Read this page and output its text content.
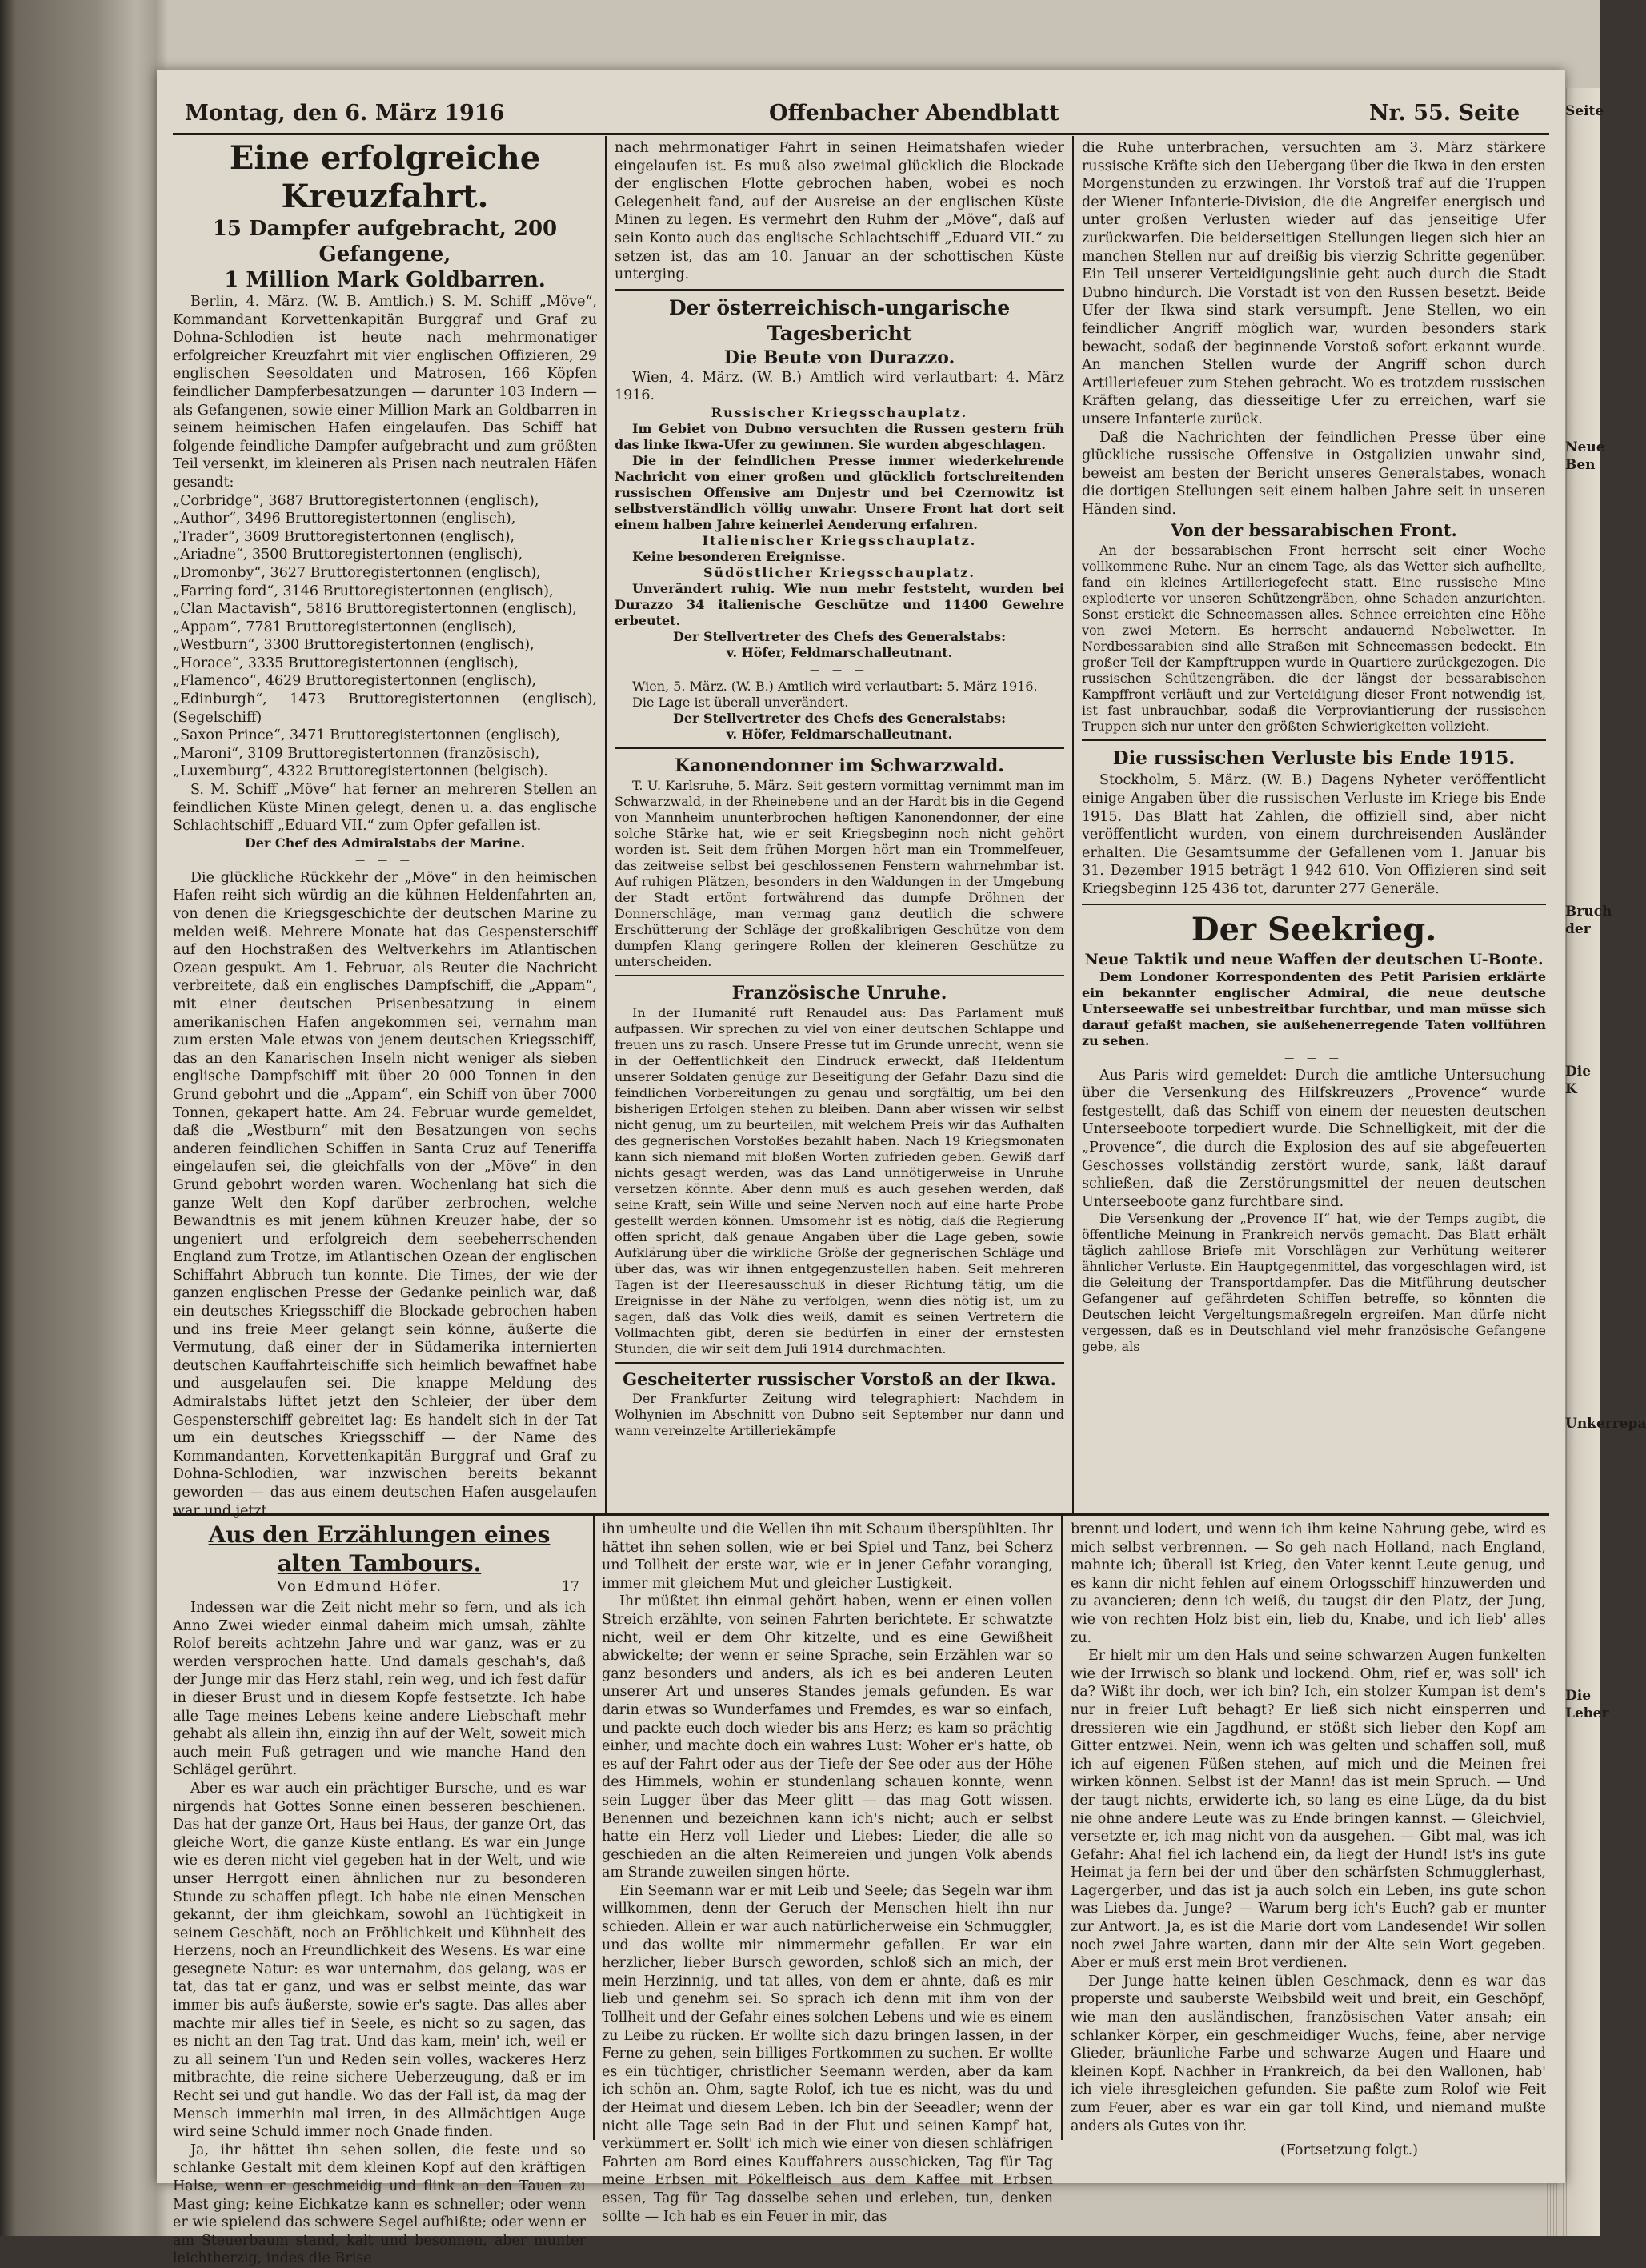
Montag, den 6. März 1916	Offenbacher Abendblatt	Nr. 55. Seite
Eine erfolgreiche Kreuzfahrt.
15 Dampfer aufgebracht, 200 Gefangene,
1 Million Mark Goldbarren.

Berlin, 4. März. (W. B. Amtlich.) S. M. Schiff „Möve“, Kommandant Korvettenkapitän Burggraf und Graf zu Dohna-Schlodien ist heute nach mehrmonatiger erfolgreicher Kreuzfahrt mit vier englischen Offizieren, 29 englischen Seesoldaten und Matrosen, 166 Köpfen feindlicher Dampferbesatzungen — darunter 103 Indern — als Gefangenen, sowie einer Million Mark an Goldbarren in seinem heimischen Hafen eingelaufen. Das Schiff hat folgende feindliche Dampfer aufgebracht und zum größten Teil versenkt, im kleineren als Prisen nach neutralen Häfen gesandt:

„Corbridge“, 3687 Bruttoregistertonnen (englisch),

„Author“, 3496 Bruttoregistertonnen (englisch),

„Trader“, 3609 Bruttoregistertonnen (englisch),

„Ariadne“, 3500 Bruttoregistertonnen (englisch),

„Dromonby“, 3627 Bruttoregistertonnen (englisch),

„Farring ford“, 3146 Bruttoregistertonnen (englisch),

„Clan Mactavish“, 5816 Bruttoregistertonnen (englisch),

„Appam“, 7781 Bruttoregistertonnen (englisch),

„Westburn“, 3300 Bruttoregistertonnen (englisch),

„Horace“, 3335 Bruttoregistertonnen (englisch),

„Flamenco“, 4629 Bruttoregistertonnen (englisch),

„Edinburgh“, 1473 Bruttoregistertonnen (englisch), (Segelschiff)

„Saxon Prince“, 3471 Bruttoregistertonnen (englisch),

„Maroni“, 3109 Bruttoregistertonnen (französisch),

„Luxemburg“, 4322 Bruttoregistertonnen (belgisch).

S. M. Schiff „Möve“ hat ferner an mehreren Stellen an feindlichen Küste Minen gelegt, denen u. a. das englische Schlachtschiff „Eduard VII.“ zum Opfer gefallen ist.

Der Chef des Admiralstabs der Marine.

— — —

Die glückliche Rückkehr der „Möve“ in den heimischen Hafen reiht sich würdig an die kühnen Heldenfahrten an, von denen die Kriegsgeschichte der deutschen Marine zu melden weiß. Mehrere Monate hat das Gespensterschiff auf den Hochstraßen des Weltverkehrs im Atlantischen Ozean gespukt. Am 1. Februar, als Reuter die Nachricht verbreitete, daß ein englisches Dampfschiff, die „Appam“, mit einer deutschen Prisenbesatzung in einem amerikanischen Hafen angekommen sei, vernahm man zum ersten Male etwas von jenem deutschen Kriegsschiff, das an den Kanarischen Inseln nicht weniger als sieben englische Dampfschiff mit über 20 000 Tonnen in den Grund gebohrt und die „Appam“, ein Schiff von über 7000 Tonnen, gekapert hatte. Am 24. Februar wurde gemeldet, daß die „Westburn“ mit den Besatzungen von sechs anderen feindlichen Schiffen in Santa Cruz auf Teneriffa eingelaufen sei, die gleichfalls von der „Möve“ in den Grund gebohrt worden waren. Wochenlang hat sich die ganze Welt den Kopf darüber zerbrochen, welche Bewandtnis es mit jenem kühnen Kreuzer habe, der so ungeniert und erfolgreich dem seebeherrschenden England zum Trotze, im Atlantischen Ozean der englischen Schiffahrt Abbruch tun konnte. Die Times, der wie der ganzen englischen Presse der Gedanke peinlich war, daß ein deutsches Kriegsschiff die Blockade gebrochen haben und ins freie Meer gelangt sein könne, äußerte die Vermutung, daß einer der in Südamerika internierten deutschen Kauffahrteischiffe sich heimlich bewaffnet habe und ausgelaufen sei. Die knappe Meldung des Admiralstabs lüftet jetzt den Schleier, der über dem Gespensterschiff gebreitet lag: Es handelt sich in der Tat um ein deutsches Kriegsschiff — der Name des Kommandanten, Korvettenkapitän Burggraf und Graf zu Dohna-Schlodien, war inzwischen bereits bekannt geworden — das aus einem deutschen Hafen ausgelaufen war und jetzt

nach mehrmonatiger Fahrt in seinen Heimatshafen wieder eingelaufen ist. Es muß also zweimal glücklich die Blockade der englischen Flotte gebrochen haben, wobei es noch Gelegenheit fand, auf der Ausreise an der englischen Küste Minen zu legen. Es vermehrt den Ruhm der „Möve“, daß auf sein Konto auch das englische Schlachtschiff „Eduard VII.“ zu setzen ist, das am 10. Januar an der schottischen Küste unterging.

Der österreichisch-ungarische Tagesbericht
Die Beute von Durazzo.

Wien, 4. März. (W. B.) Amtlich wird verlautbart: 4. März 1916.

Russischer Kriegsschauplatz.

Im Gebiet von Dubno versuchten die Russen gestern früh das linke Ikwa-Ufer zu gewinnen. Sie wurden abgeschlagen.

Die in der feindlichen Presse immer wiederkehrende Nachricht von einer großen und glücklich fortschreitenden russischen Offensive am Dnjestr und bei Czernowitz ist selbstverständlich völlig unwahr. Unsere Front hat dort seit einem halben Jahre keinerlei Aenderung erfahren.

Italienischer Kriegsschauplatz.

Keine besonderen Ereignisse.

Südöstlicher Kriegsschauplatz.

Unverändert ruhig. Wie nun mehr feststeht, wurden bei Durazzo 34 italienische Geschütze und 11400 Gewehre erbeutet.

Der Stellvertreter des Chefs des Generalstabs:

v. Höfer, Feldmarschalleutnant.

— — —

Wien, 5. März. (W. B.) Amtlich wird verlautbart: 5. März 1916.

Die Lage ist überall unverändert.

Der Stellvertreter des Chefs des Generalstabs:

v. Höfer, Feldmarschalleutnant.

Kanonendonner im Schwarzwald.

T. U. Karlsruhe, 5. März. Seit gestern vormittag vernimmt man im Schwarzwald, in der Rheinebene und an der Hardt bis in die Gegend von Mannheim ununterbrochen heftigen Kanonendonner, der eine solche Stärke hat, wie er seit Kriegsbeginn noch nicht gehört worden ist. Seit dem frühen Morgen hört man ein Trommelfeuer, das zeitweise selbst bei geschlossenen Fenstern wahrnehmbar ist. Auf ruhigen Plätzen, besonders in den Waldungen in der Umgebung der Stadt ertönt fortwährend das dumpfe Dröhnen der Donnerschläge, man vermag ganz deutlich die schwere Erschütterung der Schläge der großkalibrigen Geschütze von dem dumpfen Klang geringere Rollen der kleineren Geschütze zu unterscheiden.

Französische Unruhe.

In der Humanité ruft Renaudel aus: Das Parlament muß aufpassen. Wir sprechen zu viel von einer deutschen Schlappe und freuen uns zu rasch. Unsere Presse tut im Grunde unrecht, wenn sie in der Oeffentlichkeit den Eindruck erweckt, daß Heldentum unserer Soldaten genüge zur Beseitigung der Gefahr. Dazu sind die feindlichen Vorbereitungen zu genau und sorgfältig, um bei den bisherigen Erfolgen stehen zu bleiben. Dann aber wissen wir selbst nicht genug, um zu beurteilen, mit welchem Preis wir das Aufhalten des gegnerischen Vorstoßes bezahlt haben. Nach 19 Kriegsmonaten kann sich niemand mit bloßen Worten zufrieden geben. Gewiß darf nichts gesagt werden, was das Land unnötigerweise in Unruhe versetzen könnte. Aber denn muß es auch gesehen werden, daß seine Kraft, sein Wille und seine Nerven noch auf eine harte Probe gestellt werden können. Umsomehr ist es nötig, daß die Regierung offen spricht, daß genaue Angaben über die Lage geben, sowie Aufklärung über die wirkliche Größe der gegnerischen Schläge und über das, was wir ihnen entgegenzustellen haben. Seit mehreren Tagen ist der Heeresausschuß in dieser Richtung tätig, um die Ereignisse in der Nähe zu verfolgen, wenn dies nötig ist, um zu sagen, daß das Volk dies weiß, damit es seinen Vertretern die Vollmachten gibt, deren sie bedürfen in einer der ernstesten Stunden, die wir seit dem Juli 1914 durchmachten.

Gescheiterter russischer Vorstoß an der Ikwa.

Der Frankfurter Zeitung wird telegraphiert: Nachdem in Wolhynien im Abschnitt von Dubno seit September nur dann und wann vereinzelte Artilleriekämpfe

die Ruhe unterbrachen, versuchten am 3. März stärkere russische Kräfte sich den Uebergang über die Ikwa in den ersten Morgenstunden zu erzwingen. Ihr Vorstoß traf auf die Truppen der Wiener Infanterie-Division, die die Angreifer energisch und unter großen Verlusten wieder auf das jenseitige Ufer zurückwarfen. Die beiderseitigen Stellungen liegen sich hier an manchen Stellen nur auf dreißig bis vierzig Schritte gegenüber. Ein Teil unserer Verteidigungslinie geht auch durch die Stadt Dubno hindurch. Die Vorstadt ist von den Russen besetzt. Beide Ufer der Ikwa sind stark versumpft. Jene Stellen, wo ein feindlicher Angriff möglich war, wurden besonders stark bewacht, sodaß der beginnende Vorstoß sofort erkannt wurde. An manchen Stellen wurde der Angriff schon durch Artilleriefeuer zum Stehen gebracht. Wo es trotzdem russischen Kräften gelang, das diesseitige Ufer zu erreichen, warf sie unsere Infanterie zurück.

Daß die Nachrichten der feindlichen Presse über eine glückliche russische Offensive in Ostgalizien unwahr sind, beweist am besten der Bericht unseres Generalstabes, wonach die dortigen Stellungen seit einem halben Jahre seit in unseren Händen sind.

Von der bessarabischen Front.

An der bessarabischen Front herrscht seit einer Woche vollkommene Ruhe. Nur an einem Tage, als das Wetter sich aufhellte, fand ein kleines Artilleriegefecht statt. Eine russische Mine explodierte vor unseren Schützengräben, ohne Schaden anzurichten. Sonst erstickt die Schneemassen alles. Schnee erreichten eine Höhe von zwei Metern. Es herrscht andauernd Nebelwetter. In Nordbessarabien sind alle Straßen mit Schneemassen bedeckt. Ein großer Teil der Kampftruppen wurde in Quartiere zurückgezogen. Die russischen Schützengräben, die der längst der bessarabischen Kampffront verläuft und zur Verteidigung dieser Front notwendig ist, ist fast unbrauchbar, sodaß die Verproviantierung der russischen Truppen sich nur unter den größten Schwierigkeiten vollzieht.

Die russischen Verluste bis Ende 1915.

Stockholm, 5. März. (W. B.) Dagens Nyheter veröffentlicht einige Angaben über die russischen Verluste im Kriege bis Ende 1915. Das Blatt hat Zahlen, die offiziell sind, aber nicht veröffentlicht wurden, von einem durchreisenden Ausländer erhalten. Die Gesamtsumme der Gefallenen vom 1. Januar bis 31. Dezember 1915 beträgt 1 942 610. Von Offizieren sind seit Kriegsbeginn 125 436 tot, darunter 277 Generäle.

Der Seekrieg.
Neue Taktik und neue Waffen der deutschen U-Boote.

Dem Londoner Korrespondenten des Petit Parisien erklärte ein bekannter englischer Admiral, die neue deutsche Unterseewaffe sei unbestreitbar furchtbar, und man müsse sich darauf gefaßt machen, sie außehenerregende Taten vollführen zu sehen.

— — —

Aus Paris wird gemeldet: Durch die amtliche Untersuchung über die Versenkung des Hilfskreuzers „Provence“ wurde festgestellt, daß das Schiff von einem der neuesten deutschen Unterseeboote torpediert wurde. Die Schnelligkeit, mit der die „Provence“, die durch die Explosion des auf sie abgefeuerten Geschosses vollständig zerstört wurde, sank, läßt darauf schließen, daß die Zerstörungsmittel der neuen deutschen Unterseeboote ganz furchtbare sind.

Die Versenkung der „Provence II“ hat, wie der Temps zugibt, die öffentliche Meinung in Frankreich nervös gemacht. Das Blatt erhält täglich zahllose Briefe mit Vorschlägen zur Verhütung weiterer ähnlicher Verluste. Ein Hauptgegenmittel, das vorgeschlagen wird, ist die Geleitung der Transportdampfer. Das die Mitführung deutscher Gefangener auf gefährdeten Schiffen betreffe, so könnten die Deutschen leicht Vergeltungsmaßregeln ergreifen. Man dürfe nicht vergessen, daß es in Deutschland viel mehr französische Gefangene gebe, als

Aus den Erzählungen eines alten Tambours.
Von Edmund Höfer.	17

Indessen war die Zeit nicht mehr so fern, und als ich Anno Zwei wieder einmal daheim mich umsah, zählte Rolof bereits achtzehn Jahre und war ganz, was er zu werden versprochen hatte. Und damals geschah's, daß der Junge mir das Herz stahl, rein weg, und ich fest dafür in dieser Brust und in diesem Kopfe festsetzte. Ich habe alle Tage meines Lebens keine andere Liebschaft mehr gehabt als allein ihn, einzig ihn auf der Welt, soweit mich auch mein Fuß getragen und wie manche Hand den Schlägel gerührt.

Aber es war auch ein prächtiger Bursche, und es war nirgends hat Gottes Sonne einen besseren beschienen. Das hat der ganze Ort, Haus bei Haus, der ganze Ort, das gleiche Wort, die ganze Küste entlang. Es war ein Junge wie es deren nicht viel gegeben hat in der Welt, und wie unser Herrgott einen ähnlichen nur zu besonderen Stunde zu schaffen pflegt. Ich habe nie einen Menschen gekannt, der ihm gleichkam, sowohl an Tüchtigkeit in seinem Geschäft, noch an Fröhlichkeit und Kühnheit des Herzens, noch an Freundlichkeit des Wesens. Es war eine gesegnete Natur: es war unternahm, das gelang, was er tat, das tat er ganz, und was er selbst meinte, das war immer bis aufs äußerste, sowie er's sagte. Das alles aber machte mir alles tief in Seele, es nicht so zu sagen, das es nicht an den Tag trat. Und das kam, mein' ich, weil er zu all seinem Tun und Reden sein volles, wackeres Herz mitbrachte, die reine sichere Ueberzeugung, daß er im Recht sei und gut handle. Wo das der Fall ist, da mag der Mensch immerhin mal irren, in des Allmächtigen Auge wird seine Schuld immer noch Gnade finden.

Ja, ihr hättet ihn sehen sollen, die feste und so schlanke Gestalt mit dem kleinen Kopf auf den kräftigen Halse, wenn er geschmeidig und flink an den Tauen zu Mast ging; keine Eichkatze kann es schneller; oder wenn er wie spielend das schwere Segel aufhißte; oder wenn er am Steuerbaum stand, kalt und besonnen, aber munter leichtherzig, indes die Brise

ihn umheulte und die Wellen ihn mit Schaum überspühlten. Ihr hättet ihn sehen sollen, wie er bei Spiel und Tanz, bei Scherz und Tollheit der erste war, wie er in jener Gefahr voranging, immer mit gleichem Mut und gleicher Lustigkeit.

Ihr müßtet ihn einmal gehört haben, wenn er einen vollen Streich erzählte, von seinen Fahrten berichtete. Er schwatzte nicht, weil er dem Ohr kitzelte, und es eine Gewißheit abwickelte; der wenn er seine Sprache, sein Erzählen war so ganz besonders und anders, als ich es bei anderen Leuten unserer Art und unseres Standes jemals gefunden. Es war darin etwas so Wunderfames und Fremdes, es war so einfach, und packte euch doch wieder bis ans Herz; es kam so prächtig einher, und machte doch ein wahres Lust: Woher er's hatte, ob es auf der Fahrt oder aus der Tiefe der See oder aus der Höhe des Himmels, wohin er stundenlang schauen konnte, wenn sein Lugger über das Meer glitt — das mag Gott wissen. Benennen und bezeichnen kann ich's nicht; auch er selbst hatte ein Herz voll Lieder und Liebes: Lieder, die alle so geschieden an die alten Reimereien und jungen Volk abends am Strande zuweilen singen hörte.

Ein Seemann war er mit Leib und Seele; das Segeln war ihm willkommen, denn der Geruch der Menschen hielt ihn nur schieden. Allein er war auch natürlicherweise ein Schmuggler, und das wollte mir nimmermehr gefallen. Er war ein herzlicher, lieber Bursch geworden, schloß sich an mich, der mein Herzinnig, und tat alles, von dem er ahnte, daß es mir lieb und genehm sei. So sprach ich denn mit ihm von der Tollheit und der Gefahr eines solchen Lebens und wie es einem zu Leibe zu rücken. Er wollte sich dazu bringen lassen, in der Ferne zu gehen, sein billiges Fortkommen zu suchen. Er wollte es ein tüchtiger, christlicher Seemann werden, aber da kam ich schön an. Ohm, sagte Rolof, ich tue es nicht, was du und der Heimat und diesem Leben. Ich bin der Seeadler; wenn der nicht alle Tage sein Bad in der Flut und seinen Kampf hat, verkümmert er. Sollt' ich mich wie einer von diesen schläfrigen Fahrten am Bord eines Kauffahrers ausschicken, Tag für Tag meine Erbsen mit Pökelfleisch aus dem Kaffee mit Erbsen essen, Tag für Tag dasselbe sehen und erleben, tun, denken sollte — Ich hab es ein Feuer in mir, das

brennt und lodert, und wenn ich ihm keine Nahrung gebe, wird es mich selbst verbrennen. — So geh nach Holland, nach England, mahnte ich; überall ist Krieg, den Vater kennt Leute genug, und es kann dir nicht fehlen auf einem Orlogsschiff hinzuwerden und zu avancieren; denn ich weiß, du taugst dir den Platz, der Jung, wie von rechten Holz bist ein, lieb du, Knabe, und ich lieb' alles zu.

Er hielt mir um den Hals und seine schwarzen Augen funkelten wie der Irrwisch so blank und lockend. Ohm, rief er, was soll' ich da? Wißt ihr doch, wer ich bin? Ich, ein stolzer Kumpan ist dem's nur in freier Luft behagt? Er ließ sich nicht einsperren und dressieren wie ein Jagdhund, er stößt sich lieber den Kopf am Gitter entzwei. Nein, wenn ich was gelten und schaffen soll, muß ich auf eigenen Füßen stehen, auf mich und die Meinen frei wirken können. Selbst ist der Mann! das ist mein Spruch. — Und der taugt nichts, erwiderte ich, so lang es eine Lüge, da du bist nie ohne andere Leute was zu Ende bringen kannst. — Gleichviel, versetzte er, ich mag nicht von da ausgehen. — Gibt mal, was ich Gefahr: Aha! fiel ich lachend ein, da liegt der Hund! Ist's ins gute Heimat ja fern bei der und über den schärfsten Schmugglerhast, Lagergerber, und das ist ja auch solch ein Leben, ins gute schon was Liebes da. Junge? — Warum berg ich's Euch? gab er munter zur Antwort. Ja, es ist die Marie dort vom Landesende! Wir sollen noch zwei Jahre warten, dann mir der Alte sein Wort gegeben. Aber er muß erst mein Brot verdienen.

Der Junge hatte keinen üblen Geschmack, denn es war das properste und sauberste Weibsbild weit und breit, ein Geschöpf, wie man den ausländischen, französischen Vater ansah; ein schlanker Körper, ein geschmeidiger Wuchs, feine, aber nervige Glieder, bräunliche Farbe und schwarze Augen und Haare und kleinen Kopf. Nachher in Frankreich, da bei den Wallonen, hab' ich viele ihresgleichen gefunden. Sie paßte zum Rolof wie Feit zum Feuer, aber es war ein gar toll Kind, und niemand mußte anders als Gutes von ihr.

(Fortsetzung folgt.)

Seite
Neue Ben
Bruch der
Die K
Unkerrepa
Die Leber
